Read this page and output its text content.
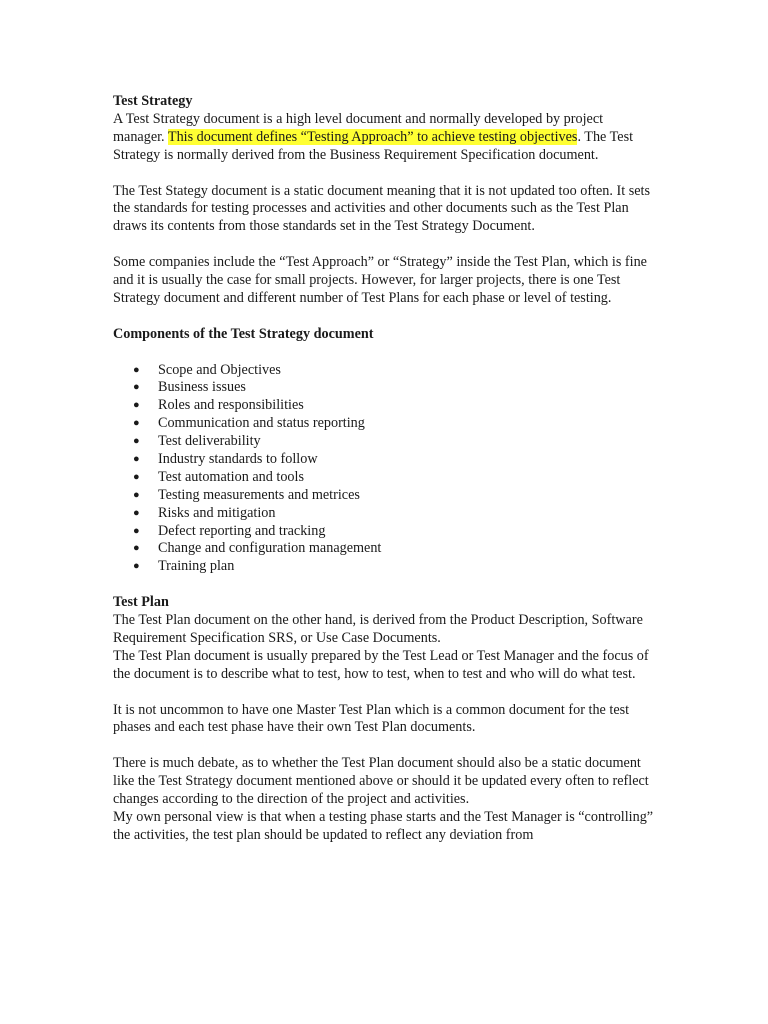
Test Strategy

A Test Strategy document is a high level document and normally developed by project manager. This document defines “Testing Approach” to achieve testing objectives. The Test Strategy is normally derived from the Business Requirement Specification document.

The Test Stategy document is a static document meaning that it is not updated too often. It sets the standards for testing processes and activities and other documents such as the Test Plan draws its contents from those standards set in the Test Strategy Document.

Some companies include the “Test Approach” or “Strategy” inside the Test Plan, which is fine and it is usually the case for small projects. However, for larger projects, there is one Test Strategy document and different number of Test Plans for each phase or level of testing.

Components of the Test Strategy document

● Scope and Objectives
● Business issues
● Roles and responsibilities
● Communication and status reporting
● Test deliverability
● Industry standards to follow
● Test automation and tools
● Testing measurements and metrices
● Risks and mitigation
● Defect reporting and tracking
● Change and configuration management
● Training plan

Test Plan

The Test Plan document on the other hand, is derived from the Product Description, Software Requirement Specification SRS, or Use Case Documents.

The Test Plan document is usually prepared by the Test Lead or Test Manager and the focus of the document is to describe what to test, how to test, when to test and who will do what test.

It is not uncommon to have one Master Test Plan which is a common document for the test phases and each test phase have their own Test Plan documents.

There is much debate, as to whether the Test Plan document should also be a static document like the Test Strategy document mentioned above or should it be updated every often to reflect changes according to the direction of the project and activities.

My own personal view is that when a testing phase starts and the Test Manager is “controlling” the activities, the test plan should be updated to reflect any deviation from
